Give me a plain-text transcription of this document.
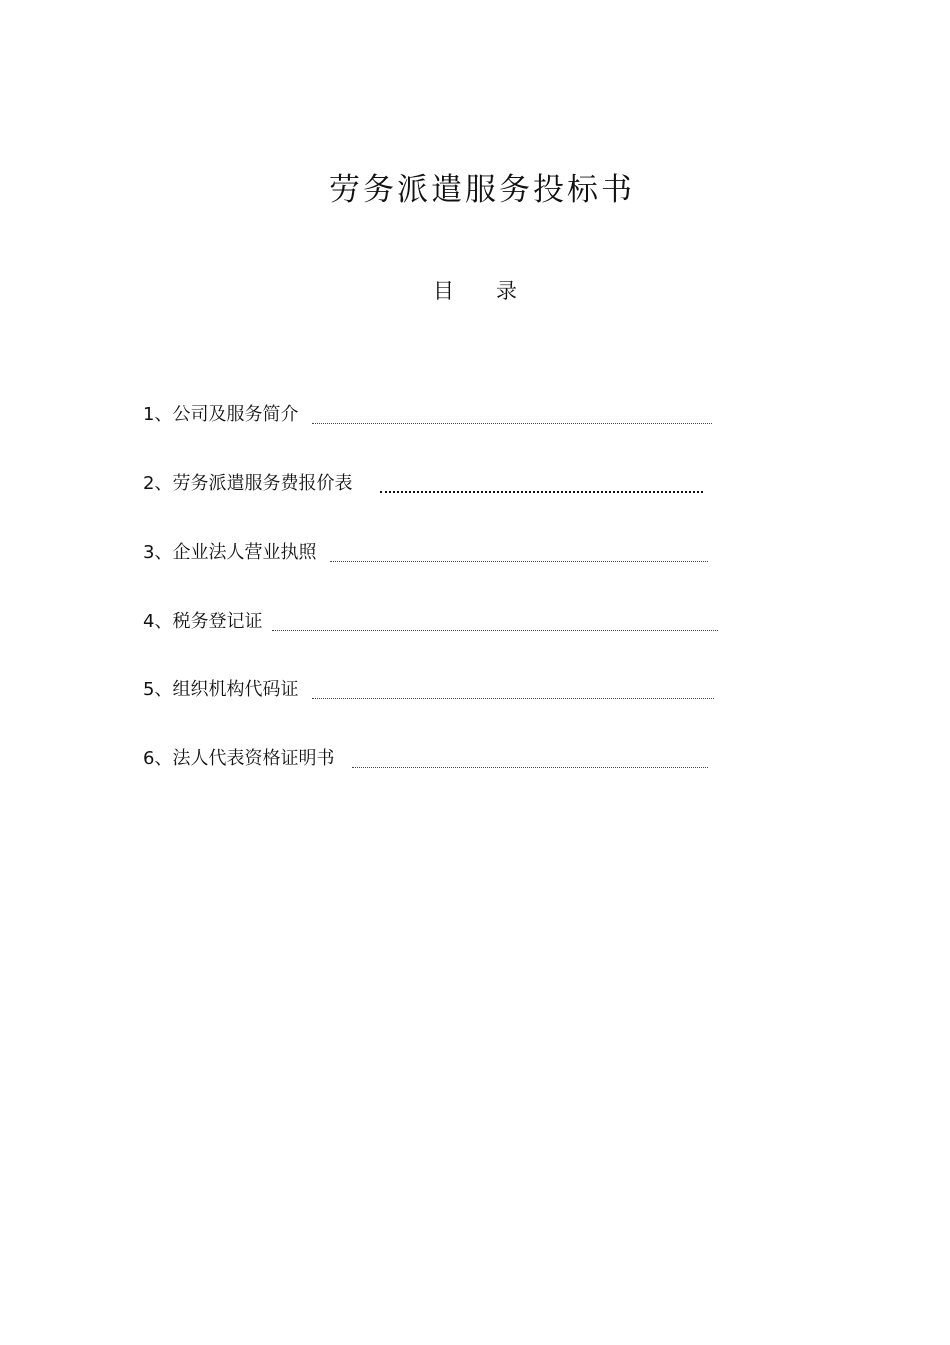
劳务派遣服务投标书
目 录
1、 公司及服务简介
2、 劳务派遣服务费报价表
3、 企业法人营业执照
4、 税务登记证
5、 组织机构代码证
6、 法人代表资格证明书
